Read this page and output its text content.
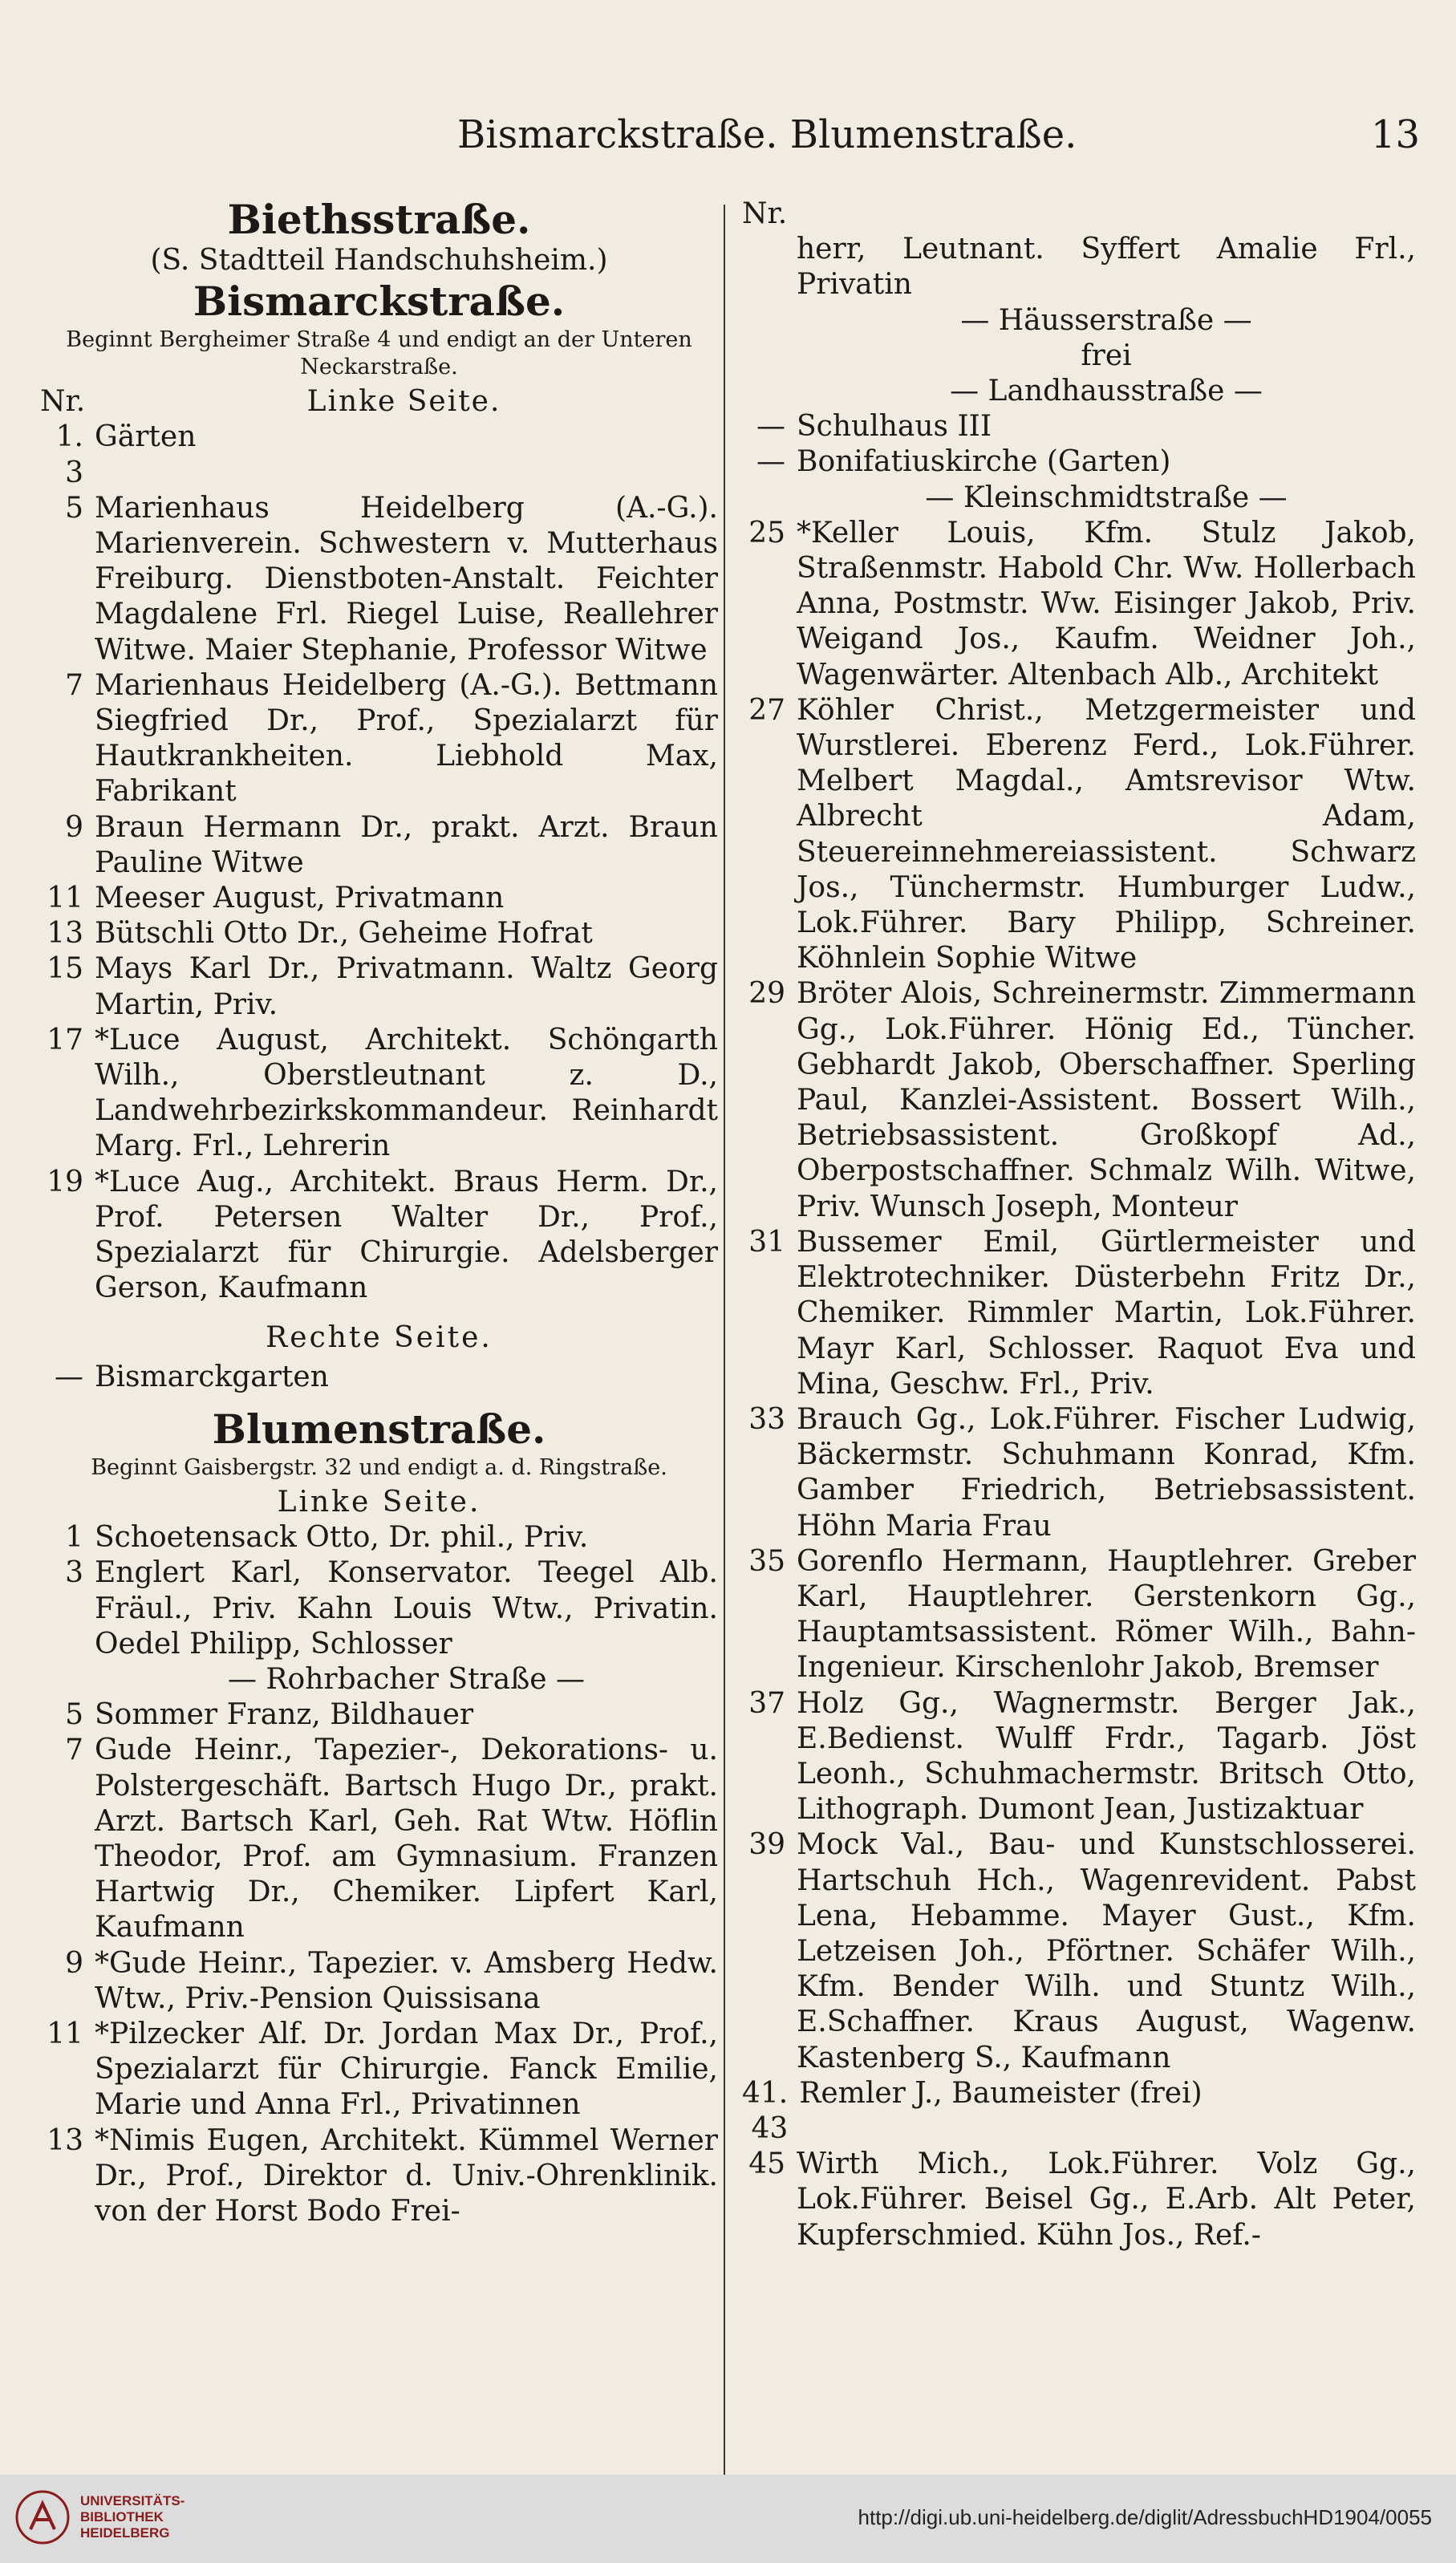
Bismarckstraße. Blumenstraße.	13
Biethsstraße.
(S. Stadtteil Handschuhsheim.)
Bismarckstraße.
Beginnt Bergheimer Straße 4 und endigt an der Unteren Neckarstraße.
Nr.	Linke Seite.
1. 3
Gärten
5 Marienhaus Heidelberg (A.-G.). Marienverein. Schwestern v. Mutterhaus Freiburg. Dienstboten-Anstalt. Feichter Magdalene Frl. Riegel Luise, Reallehrer Witwe. Maier Stephanie, Professor Witwe
7 Marienhaus Heidelberg (A.-G.). Bettmann Siegfried Dr., Prof., Spezialarzt für Hautkrankheiten. Liebhold Max, Fabrikant
9 Braun Hermann Dr., prakt. Arzt. Braun Pauline Witwe
11 Meeser August, Privatmann
13 Bütschli Otto Dr., Geheime Hofrat
15 Mays Karl Dr., Privatmann. Waltz Georg Martin, Priv.
17 *Luce August, Architekt. Schöngarth Wilh., Oberstleutnant z. D., Landwehrbezirkskommandeur. Reinhardt Marg. Frl., Lehrerin
19 *Luce Aug., Architekt. Braus Herm. Dr., Prof. Petersen Walter Dr., Prof., Spezialarzt für Chirurgie. Adelsberger Gerson, Kaufmann
Rechte Seite.
— Bismarckgarten
Blumenstraße.
Beginnt Gaisbergstr. 32 und endigt a. d. Ringstraße.
Linke Seite.
1 Schoetensack Otto, Dr. phil., Priv.
3 Englert Karl, Konservator. Teegel Alb. Fräul., Priv. Kahn Louis Wtw., Privatin. Oedel Philipp, Schlosser
— Rohrbacher Straße —
5 Sommer Franz, Bildhauer
7 Gude Heinr., Tapezier-, Dekorations- u. Polstergeschäft. Bartsch Hugo Dr., prakt. Arzt. Bartsch Karl, Geh. Rat Wtw. Höflin Theodor, Prof. am Gymnasium. Franzen Hartwig Dr., Chemiker. Lipfert Karl, Kaufmann
9 *Gude Heinr., Tapezier. v. Amsberg Hedw. Wtw., Priv.-Pension Quissisana
11 *Pilzecker Alf. Dr. Jordan Max Dr., Prof., Spezialarzt für Chirurgie. Fanck Emilie, Marie und Anna Frl., Privatinnen
13 *Nimis Eugen, Architekt. Kümmel Werner Dr., Prof., Direktor d. Univ.-Ohrenklinik. von der Horst Bodo Frei-
Nr.
herr, Leutnant. Syffert Amalie Frl., Privatin
— Häusserstraße —
frei
— Landhausstraße —
— Schulhaus III
— Bonifatiuskirche (Garten)
— Kleinschmidtstraße —
25 *Keller Louis, Kfm. Stulz Jakob, Straßenmstr. Habold Chr. Ww. Hollerbach Anna, Postmstr. Ww. Eisinger Jakob, Priv. Weigand Jos., Kaufm. Weidner Joh., Wagenwärter. Altenbach Alb., Architekt
27 Köhler Christ., Metzgermeister und Wurstlerei. Eberenz Ferd., Lok.Führer. Melbert Magdal., Amtsrevisor Wtw. Albrecht Adam, Steuereinnehmereiassistent. Schwarz Jos., Tünchermstr. Humburger Ludw., Lok.Führer. Bary Philipp, Schreiner. Köhnlein Sophie Witwe
29 Bröter Alois, Schreinermstr. Zimmermann Gg., Lok.Führer. Hönig Ed., Tüncher. Gebhardt Jakob, Oberschaffner. Sperling Paul, Kanzlei-Assistent. Bossert Wilh., Betriebsassistent. Großkopf Ad., Oberpostschaffner. Schmalz Wilh. Witwe, Priv. Wunsch Joseph, Monteur
31 Bussemer Emil, Gürtlermeister und Elektrotechniker. Düsterbehn Fritz Dr., Chemiker. Rimmler Martin, Lok.Führer. Mayr Karl, Schlosser. Raquot Eva und Mina, Geschw. Frl., Priv.
33 Brauch Gg., Lok.Führer. Fischer Ludwig, Bäckermstr. Schuhmann Konrad, Kfm. Gamber Friedrich, Betriebsassistent. Höhn Maria Frau
35 Gorenflo Hermann, Hauptlehrer. Greber Karl, Hauptlehrer. Gerstenkorn Gg., Hauptamtsassistent. Römer Wilh., Bahn-Ingenieur. Kirschenlohr Jakob, Bremser
37 Holz Gg., Wagnermstr. Berger Jak., E.Bedienst. Wulff Frdr., Tagarb. Jöst Leonh., Schuhmachermstr. Britsch Otto, Lithograph. Dumont Jean, Justizaktuar
39 Mock Val., Bau- und Kunstschlosserei. Hartschuh Hch., Wagenrevident. Pabst Lena, Hebamme. Mayer Gust., Kfm. Letzeisen Joh., Pförtner. Schäfer Wilh., Kfm. Bender Wilh. und Stuntz Wilh., E.Schaffner. Kraus August, Wagenw. Kastenberg S., Kaufmann
41. 43
Remler J., Baumeister (frei)
45 Wirth Mich., Lok.Führer. Volz Gg., Lok.Führer. Beisel Gg., E.Arb. Alt Peter, Kupferschmied. Kühn Jos., Ref.-
UNIVERSITÄTS-
BIBLIOTHEK
HEIDELBERG
http://digi.ub.uni-heidelberg.de/diglit/AdressbuchHD1904/0055
